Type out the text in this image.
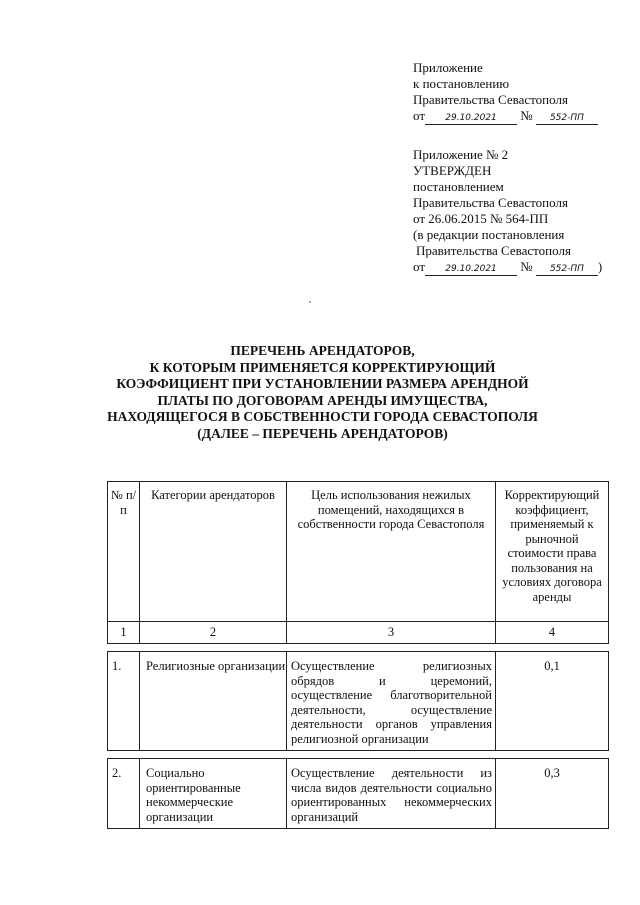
Приложение
к постановлению
Правительства Севастополя
от 29.10.2021 № 552-ПП
Приложение № 2
УТВЕРЖДЕН
постановлением
Правительства Севастополя
от 26.06.2015 № 564-ПП
(в редакции постановления
Правительства Севастополя
от 29.10.2021 № 552-ПП )
ПЕРЕЧЕНЬ АРЕНДАТОРОВ,
К КОТОРЫМ ПРИМЕНЯЕТСЯ КОРРЕКТИРУЮЩИЙ
КОЭФФИЦИЕНТ ПРИ УСТАНОВЛЕНИИ РАЗМЕРА АРЕНДНОЙ
ПЛАТЫ ПО ДОГОВОРАМ АРЕНДЫ ИМУЩЕСТВА,
НАХОДЯЩЕГОСЯ В СОБСТВЕННОСТИ ГОРОДА СЕВАСТОПОЛЯ
(ДАЛЕЕ – ПЕРЕЧЕНЬ АРЕНДАТОРОВ)
№ п/п	Категории арендаторов	Цель использования нежилых помещений, находящихся в собственности города Севастополя	Корректирующий коэффициент, применяемый к рыночной стоимости права пользования на условиях договора аренды
1	2	3	4

1.	Религиозные организации	Осуществление религиозных обрядов и церемоний, осуществление благотворительной деятельности, осуществление деятельности органов управления религиозной организации	0,1

2.	Социально ориентированные некоммерческие организации	Осуществление деятельности из числа видов деятельности социально ориентированных некоммерческих организаций	0,3
